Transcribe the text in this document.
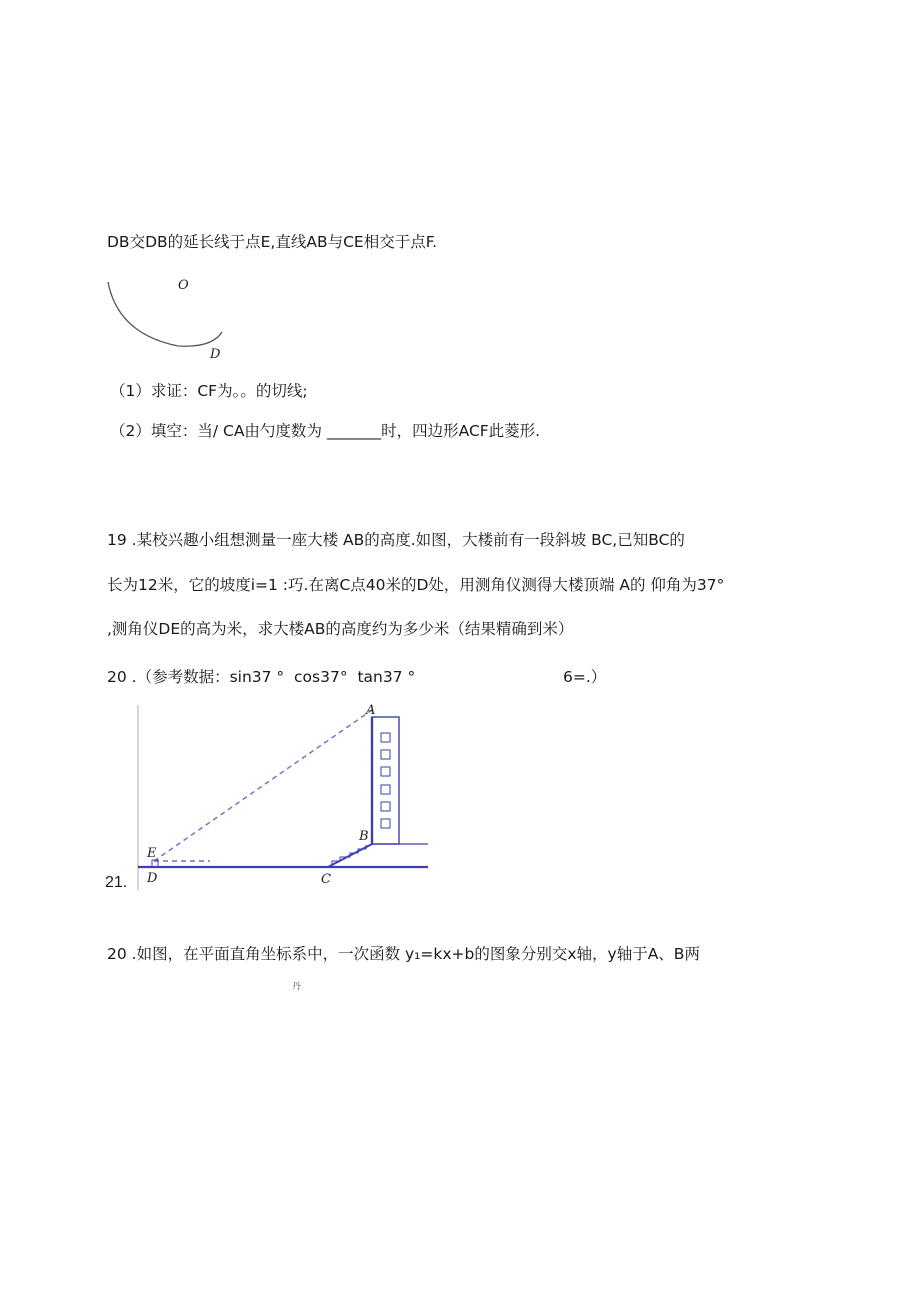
DB交DB的延长线于点E,直线AB与CE相交于点F.
O
D
（1）求证：CF为。。的切线;
（2）填空：当/ CA由勺度数为 _______时，四边形ACF此菱形.
19 .某校兴趣小组想测量一座大楼 AB的高度.如图，大楼前有一段斜坡 BC,已知BC的
长为12米，它的坡度i=1 :巧.在离C点40米的D处，用测角仪测得大楼顶端 A的 仰角为37°
,测角仪DE的高为米，求大楼AB的高度约为多少米（结果精确到米）
20 .（参考数据：sin37 °  cos37°  tan37 °	6=.）
A
B
C
D
E
21.
20 .如图，在平面直角坐标系中，一次函数 y₁=kx+b的图象分别交x轴，y轴于A、B两
丹
